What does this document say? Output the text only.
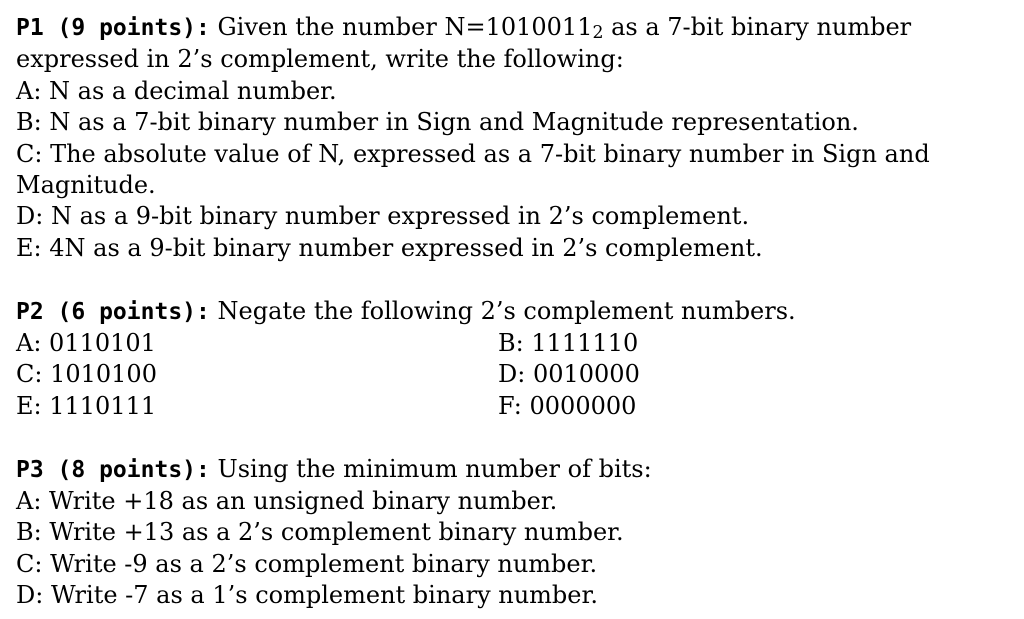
P1 (9 points): Given the number $N=1010011_2$ as a 7-bit binary number expressed in 2’s complement, write the following:
A: N as a decimal number.
B: N as a 7-bit binary number in Sign and Magnitude representation.
C: The absolute value of N, expressed as a 7-bit binary number in Sign and Magnitude.
D: N as a 9-bit binary number expressed in 2’s complement.
E: 4N as a 9-bit binary number expressed in 2’s complement.
P2 (6 points): Negate the following 2’s complement numbers.
A: 0110101	B: 1111110
C: 1010100	D: 0010000
E: 1110111	F: 0000000
P3 (8 points): Using the minimum number of bits:
A: Write +18 as an unsigned binary number.
B: Write +13 as a 2’s complement binary number.
C: Write -9 as a 2’s complement binary number.
D: Write -7 as a 1’s complement binary number.
